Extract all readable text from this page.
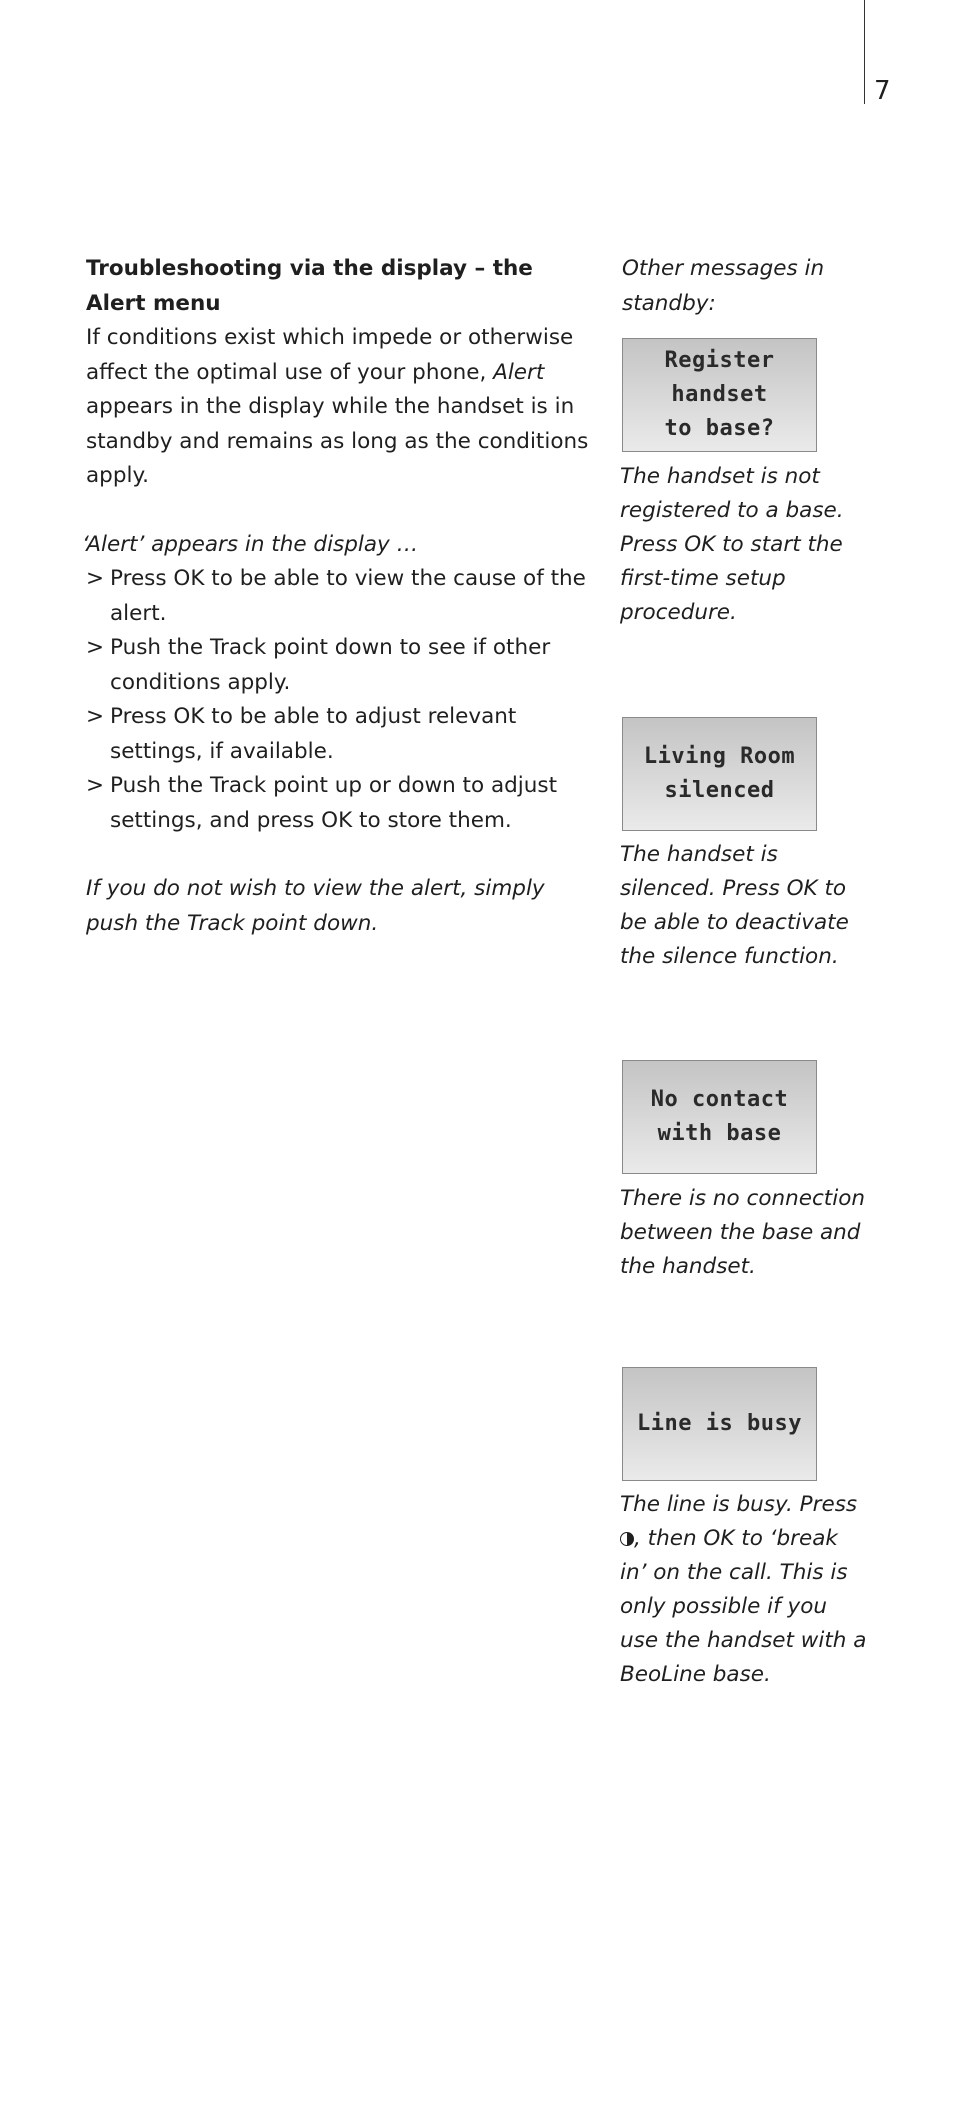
7

Troubleshooting via the display – the Alert menu

If conditions exist which impede or otherwise affect the optimal use of your phone, Alert appears in the display while the handset is in standby and remains as long as the conditions apply.

‘Alert’ appears in the display …

> Press OK to be able to view the cause of the alert.
> Push the Track point down to see if other conditions apply.
> Press OK to be able to adjust relevant settings, if available.
> Push the Track point up or down to adjust settings, and press OK to store them.

If you do not wish to view the alert, simply push the Track point down.

Other messages in standby:

Register
handset
to base?

The handset is not registered to a base. Press OK to start the first-time setup procedure.

Living Room
silenced

The handset is silenced. Press OK to be able to deactivate the silence function.

No contact
with base

There is no connection between the base and the handset.

Line is busy

The line is busy. Press , then OK to ‘break in’ on the call. This is only possible if you use the handset with a BeoLine base.
